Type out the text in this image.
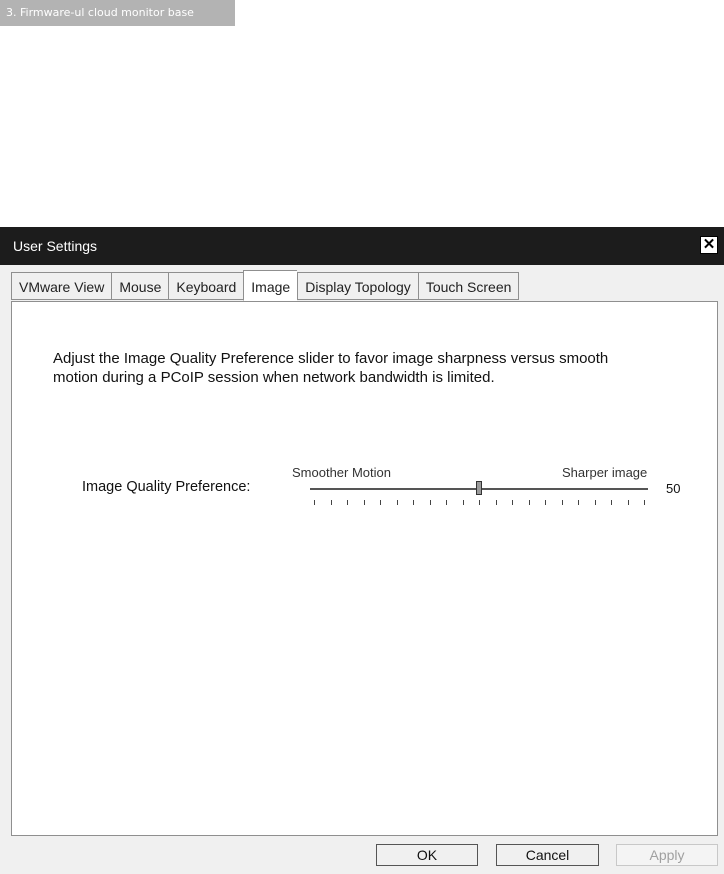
3. Firmware-ul cloud monitor base
User Settings	✕
VMware View	Mouse	Keyboard	Image	Display Topology	Touch Screen
Adjust the Image Quality Preference slider to favor image sharpness versus smooth motion during a PCoIP session when network bandwidth is limited.
Image Quality Preference:
Smoother Motion	Sharper image
50
OK	Cancel	Apply
